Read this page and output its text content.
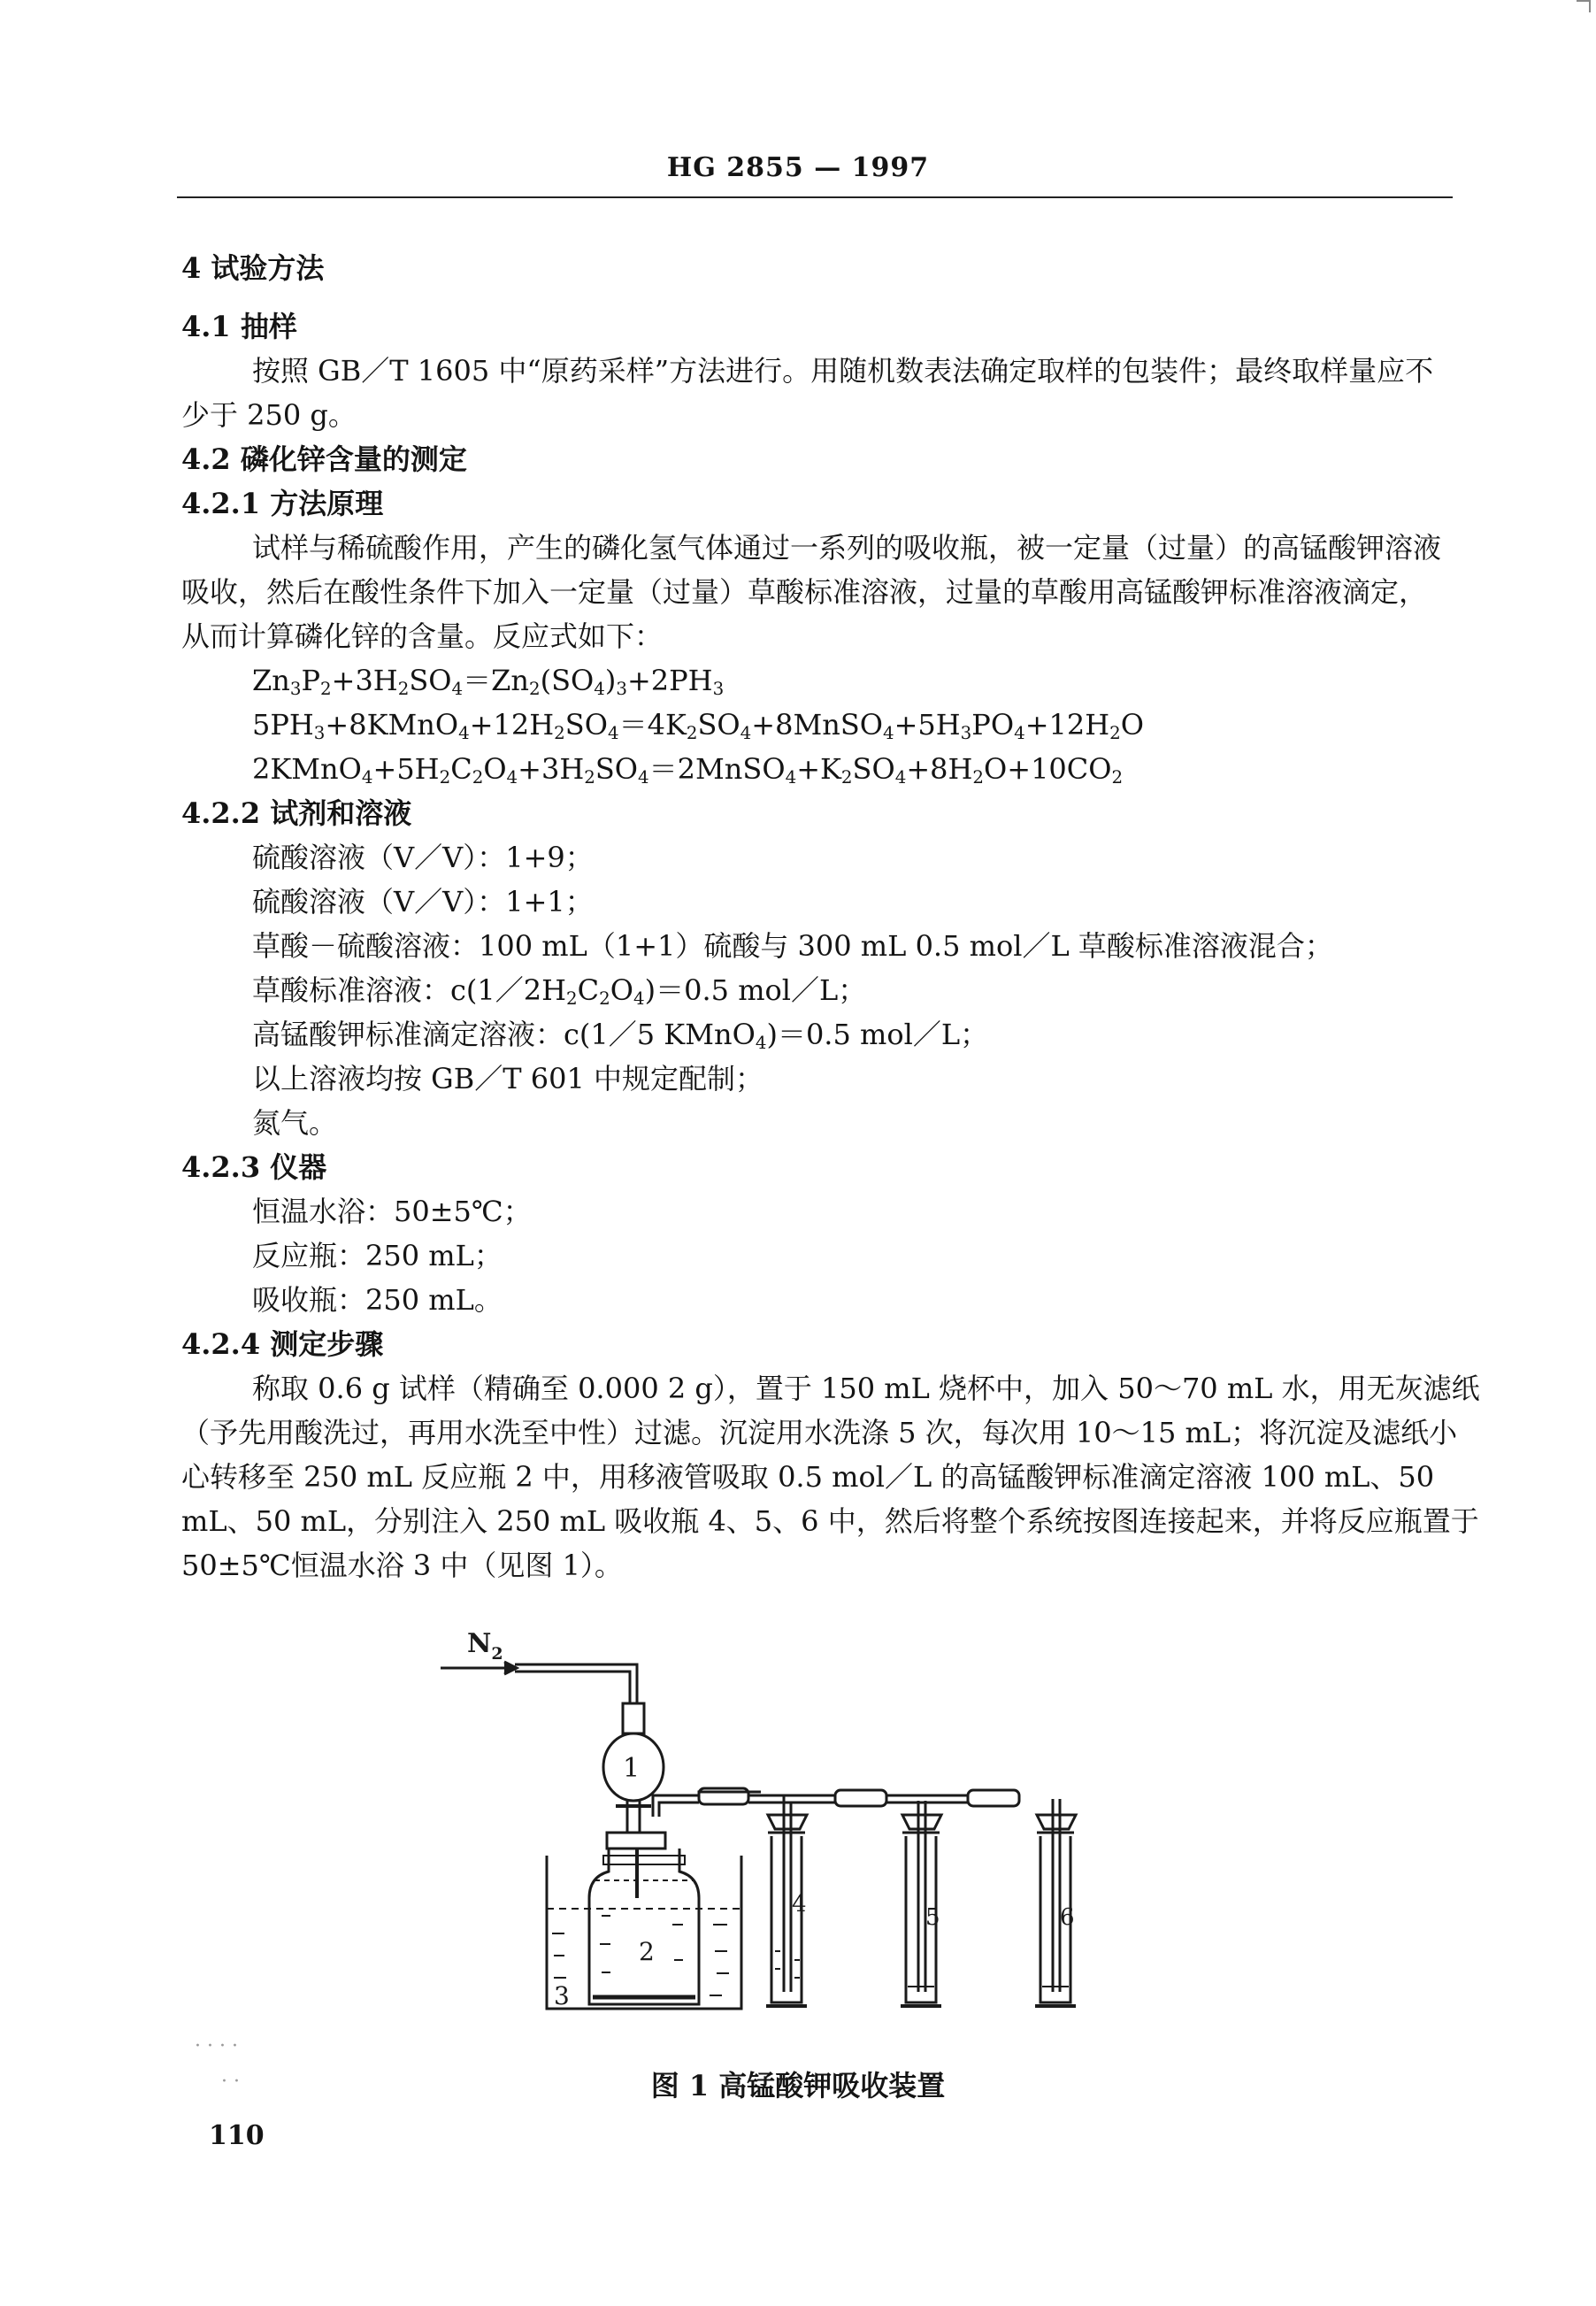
HG 2855 — 1997
4 试验方法
4.1 抽样
按照 GB／T 1605 中“原药采样”方法进行。用随机数表法确定取样的包装件；最终取样量应不
少于 250 g。
4.2 磷化锌含量的测定
4.2.1 方法原理
试样与稀硫酸作用，产生的磷化氢气体通过一系列的吸收瓶，被一定量（过量）的高锰酸钾溶液
吸收，然后在酸性条件下加入一定量（过量）草酸标准溶液，过量的草酸用高锰酸钾标准溶液滴定，
从而计算磷化锌的含量。反应式如下：
$Zn_3P_2+3H_2SO_4=Zn_2(SO_4)_3+2PH_3$
$5PH_3+8KMnO_4+12H_2SO_4=4K_2SO_4+8MnSO_4+5H_3PO_4+12H_2O$
$2KMnO_4+5H_2C_2O_4+3H_2SO_4=2MnSO_4+K_2SO_4+8H_2O+10CO_2$
4.2.2 试剂和溶液
硫酸溶液（V／V）：1+9；
硫酸溶液（V／V）：1+1；
草酸－硫酸溶液：100 mL（1+1）硫酸与 300 mL 0.5 mol／L 草酸标准溶液混合；
草酸标准溶液：$c(1/2H_2C_2O_4)=0.5$ mol／L；
高锰酸钾标准滴定溶液：c(1／5 KMnO$_4$)＝0.5 mol／L；
以上溶液均按 GB／T 601 中规定配制；
氮气。
4.2.3 仪器
恒温水浴：50±5℃；
反应瓶：250 mL；
吸收瓶：250 mL。
4.2.4 测定步骤
称取 0.6 g 试样（精确至 0.000 2 g），置于 150 mL 烧杯中，加入 50～70 mL 水，用无灰滤纸
（予先用酸洗过，再用水洗至中性）过滤。沉淀用水洗涤 5 次，每次用 10～15 mL；将沉淀及滤纸小
心转移至 250 mL 反应瓶 2 中，用移液管吸取 0.5 mol／L 的高锰酸钾标准滴定溶液 100 mL、50
mL、50 mL，分别注入 250 mL 吸收瓶 4、5、6 中，然后将整个系统按图连接起来，并将反应瓶置于
50±5℃恒温水浴 3 中（见图 1）。
$N_2$
1
3
2
4	5	6
图 1 高锰酸钾吸收装置
110
· · · ·
· ·
